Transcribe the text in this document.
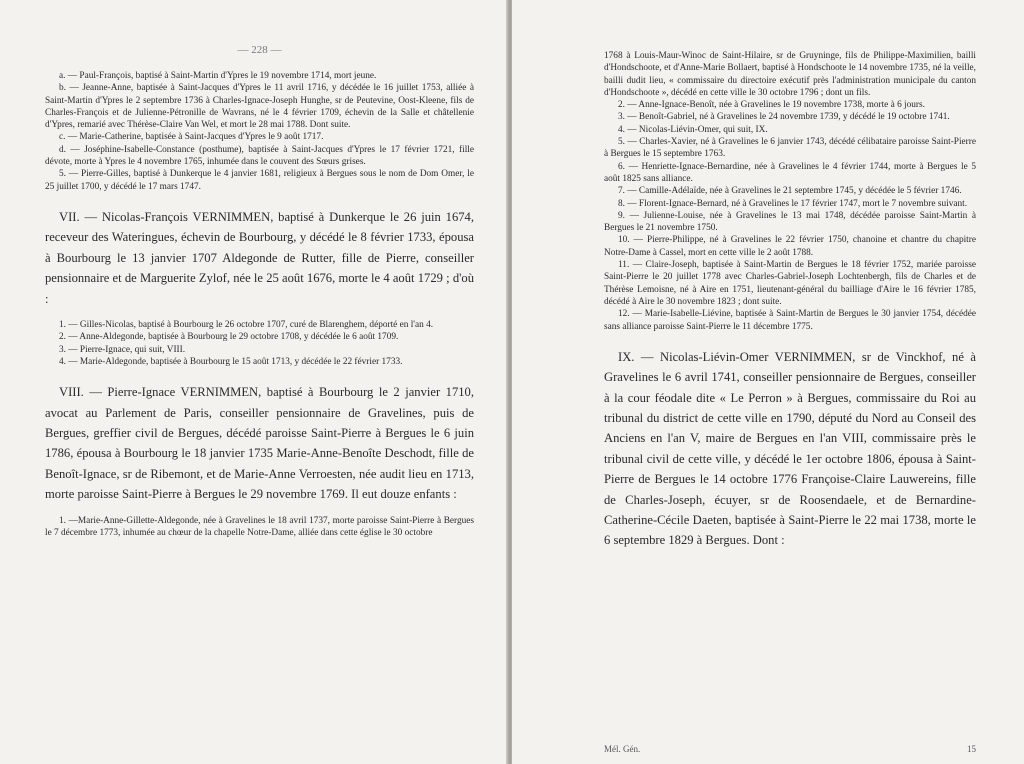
— 228 —

a. — Paul-François, baptisé à Saint-Martin d'Ypres le 19 novembre 1714, mort jeune.

b. — Jeanne-Anne, baptisée à Saint-Jacques d'Ypres le 11 avril 1716, y décédée le 16 juillet 1753, alliée à Saint-Martin d'Ypres le 2 septembre 1736 à Charles-Ignace-Joseph Hunghe, sr de Peutevine, Oost-Kleene, fils de Charles-François et de Julienne-Pétronille de Wavrans, né le 4 février 1709, échevin de la Salle et châtellenie d'Ypres, remarié avec Thérèse-Claire Van Wel, et mort le 28 mai 1788. Dont suite.

c. — Marie-Catherine, baptisée à Saint-Jacques d'Ypres le 9 août 1717.

d. — Joséphine-Isabelle-Constance (posthume), baptisée à Saint-Jacques d'Ypres le 17 février 1721, fille dévote, morte à Ypres le 4 novembre 1765, inhumée dans le couvent des Sœurs grises.

5. — Pierre-Gilles, baptisé à Dunkerque le 4 janvier 1681, religieux à Bergues sous le nom de Dom Omer, le 25 juillet 1700, y décédé le 17 mars 1747.

VII. — Nicolas-François VERNIMMEN, baptisé à Dunkerque le 26 juin 1674, receveur des Wateringues, échevin de Bourbourg, y décédé le 8 février 1733, épousa à Bourbourg le 13 janvier 1707 Aldegonde de Rutter, fille de Pierre, conseiller pensionnaire et de Marguerite Zylof, née le 25 août 1676, morte le 4 août 1729 ; d'où :

1. — Gilles-Nicolas, baptisé à Bourbourg le 26 octobre 1707, curé de Blarenghem, déporté en l'an 4.

2. — Anne-Aldegonde, baptisée à Bourbourg le 29 octobre 1708, y décédée le 6 août 1709.

3. — Pierre-Ignace, qui suit, VIII.

4. — Marie-Aldegonde, baptisée à Bourbourg le 15 août 1713, y décédée le 22 février 1733.

VIII. — Pierre-Ignace VERNIMMEN, baptisé à Bourbourg le 2 janvier 1710, avocat au Parlement de Paris, conseiller pensionnaire de Gravelines, puis de Bergues, greffier civil de Bergues, décédé paroisse Saint-Pierre à Bergues le 6 juin 1786, épousa à Bourbourg le 18 janvier 1735 Marie-Anne-Benoîte Deschodt, fille de Benoît-Ignace, sr de Ribemont, et de Marie-Anne Verroesten, née audit lieu en 1713, morte paroisse Saint-Pierre à Bergues le 29 novembre 1769. Il eut douze enfants :

1. —Marie-Anne-Gillette-Aldegonde, née à Gravelines le 18 avril 1737, morte paroisse Saint-Pierre à Bergues le 7 décembre 1773, inhumée au chœur de la chapelle Notre-Dame, alliée dans cette église le 30 octobre

1768 à Louis-Maur-Winoc de Saint-Hilaire, sr de Gruyninge, fils de Philippe-Maximilien, bailli d'Hondschoote, et d'Anne-Marie Bollaert, baptisé à Hondschoote le 14 novembre 1735, né la veille, bailli dudit lieu, « commissaire du directoire exécutif près l'administration municipale du canton d'Hondschoote », décédé en cette ville le 30 octobre 1796 ; dont un fils.

2. — Anne-Ignace-Benoît, née à Gravelines le 19 novembre 1738, morte à 6 jours.

3. — Benoît-Gabriel, né à Gravelines le 24 novembre 1739, y décédé le 19 octobre 1741.

4. — Nicolas-Liévin-Omer, qui suit, IX.

5. — Charles-Xavier, né à Gravelines le 6 janvier 1743, décédé célibataire paroisse Saint-Pierre à Bergues le 15 septembre 1763.

6. — Henriette-Ignace-Bernardine, née à Gravelines le 4 février 1744, morte à Bergues le 5 août 1825 sans alliance.

7. — Camille-Adélaïde, née à Gravelines le 21 septembre 1745, y décédée le 5 février 1746.

8. — Florent-Ignace-Bernard, né à Gravelines le 17 février 1747, mort le 7 novembre suivant.

9. — Julienne-Louise, née à Gravelines le 13 mai 1748, décédée paroisse Saint-Martin à Bergues le 21 novembre 1750.

10. — Pierre-Philippe, né à Gravelines le 22 février 1750, chanoine et chantre du chapitre Notre-Dame à Cassel, mort en cette ville le 2 août 1788.

11. — Claire-Joseph, baptisée à Saint-Martin de Bergues le 18 février 1752, mariée paroisse Saint-Pierre le 20 juillet 1778 avec Charles-Gabriel-Joseph Lochtenbergh, fils de Charles et de Thérèse Lemoisne, né à Aire en 1751, lieutenant-général du bailliage d'Aire le 16 février 1785, décédé à Aire le 30 novembre 1823 ; dont suite.

12. — Marie-Isabelle-Liévine, baptisée à Saint-Martin de Bergues le 30 janvier 1754, décédée sans alliance paroisse Saint-Pierre le 11 décembre 1775.

IX. — Nicolas-Liévin-Omer VERNIMMEN, sr de Vinckhof, né à Gravelines le 6 avril 1741, conseiller pensionnaire de Bergues, conseiller à la cour féodale dite « Le Perron » à Bergues, commissaire du Roi au tribunal du district de cette ville en 1790, député du Nord au Conseil des Anciens en l'an V, maire de Bergues en l'an VIII, commissaire près le tribunal civil de cette ville, y décédé le 1er octobre 1806, épousa à Saint-Pierre de Bergues le 14 octobre 1776 Françoise-Claire Lauwereins, fille de Charles-Joseph, écuyer, sr de Roosendaele, et de Bernardine-Catherine-Cécile Daeten, baptisée à Saint-Pierre le 22 mai 1738, morte le 6 septembre 1829 à Bergues. Dont :

Mél. Gén.	15
